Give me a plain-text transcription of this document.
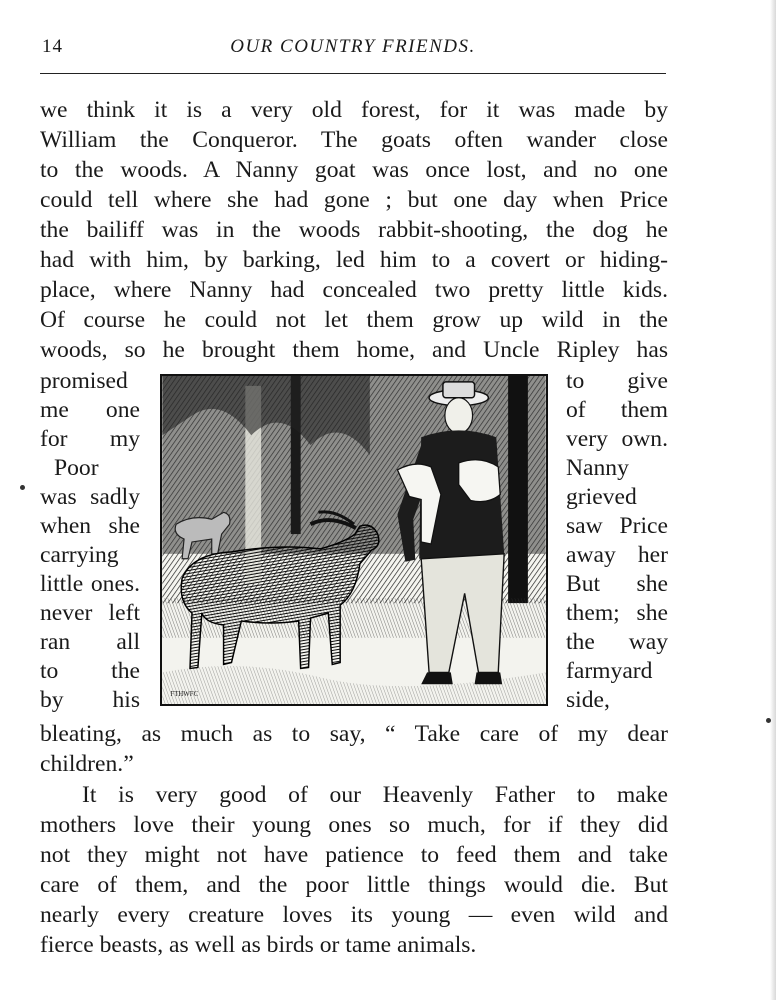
14	OUR COUNTRY FRIENDS.
we think it is a very old forest, for it was made by
William the Conqueror. The goats often wander close
to the woods. A Nanny goat was once lost, and no one
could tell where she had gone ; but one day when Price
the bailiff was in the woods rabbit-shooting, the dog he
had with him, by barking, led him to a covert or hiding-
place, where Nanny had concealed two pretty little kids.
Of course he could not let them grow up wild in the
woods, so he brought them home, and Uncle Ripley has
promised
me one
for my
Poor
was sadly
when she
carrying
little ones.
never left
ran all
to the
by his
to give
of them
very own.
Nanny
grieved
saw Price
away her
But she
them; she
the way
farmyard
side,
FTHWFC
bleating, as much as to say, “ Take care of my dear
children.”
It is very good of our Heavenly Father to make
mothers love their young ones so much, for if they did
not they might not have patience to feed them and take
care of them, and the poor little things would die. But
nearly every creature loves its young — even wild and
fierce beasts, as well as birds or tame animals.
